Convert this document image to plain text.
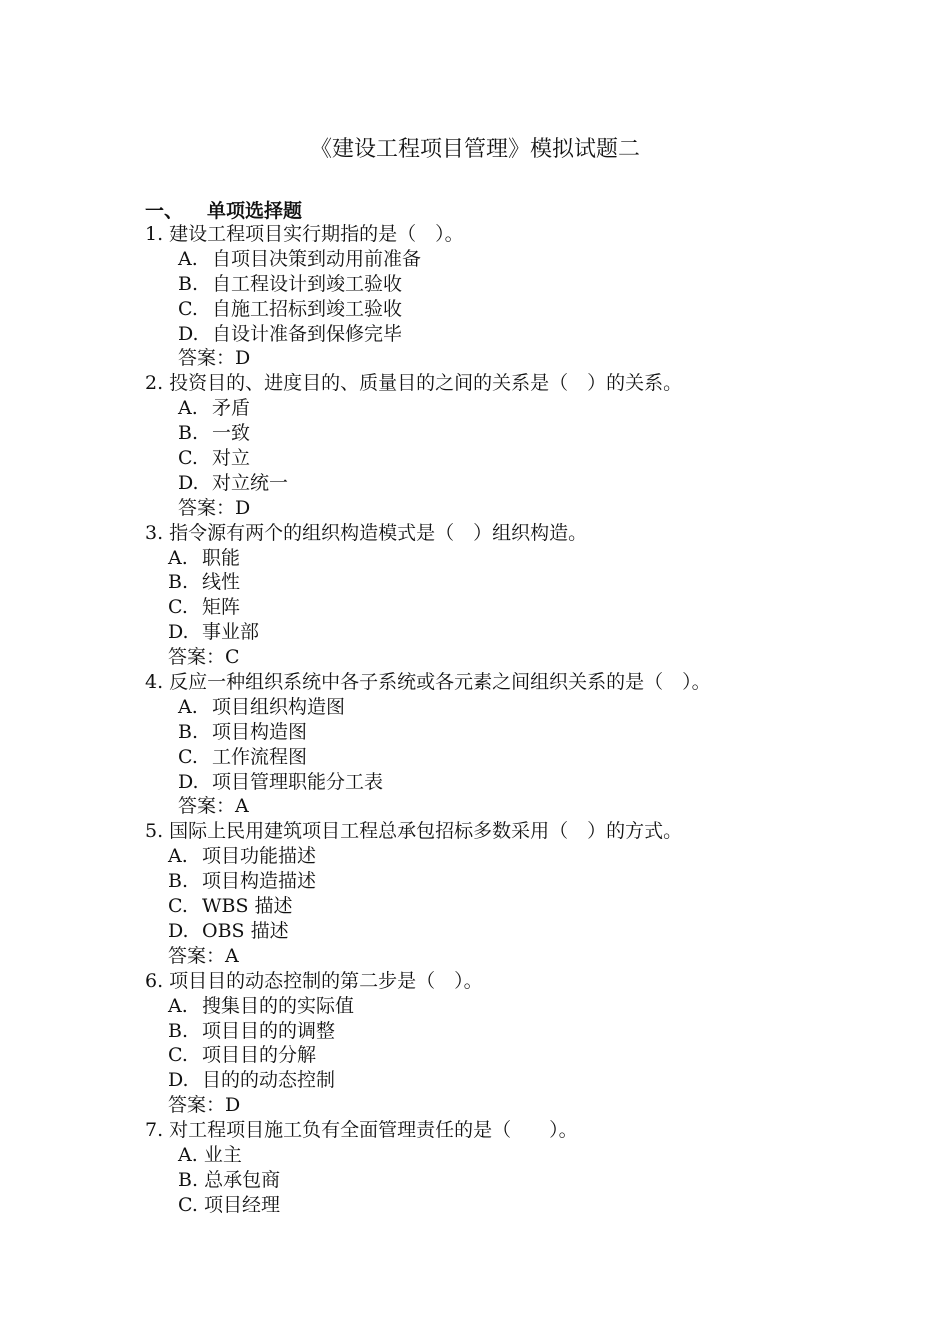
《建设工程项目管理》模拟试题二
一、 单项选择题
1. 建设工程项目实行期指的是（　）。
A. 自项目决策到动用前准备
B. 自工程设计到竣工验收
C. 自施工招标到竣工验收
D. 自设计准备到保修完毕
答案：D
2. 投资目的、进度目的、质量目的之间的关系是（　）的关系。
A. 矛盾
B. 一致
C. 对立
D. 对立统一
答案：D
3. 指令源有两个的组织构造模式是（　）组织构造。
A. 职能
B. 线性
C. 矩阵
D. 事业部
答案：C
4. 反应一种组织系统中各子系统或各元素之间组织关系的是（　）。
A. 项目组织构造图
B. 项目构造图
C. 工作流程图
D. 项目管理职能分工表
答案：A
5. 国际上民用建筑项目工程总承包招标多数采用（　）的方式。
A. 项目功能描述
B. 项目构造描述
C. WBS 描述
D. OBS 描述
答案：A
6. 项目目的动态控制的第二步是（　）。
A. 搜集目的的实际值
B. 项目目的的调整
C. 项目目的分解
D. 目的的动态控制
答案：D
7. 对工程项目施工负有全面管理责任的是（　　）。
A. 业主
B. 总承包商
C. 项目经理
